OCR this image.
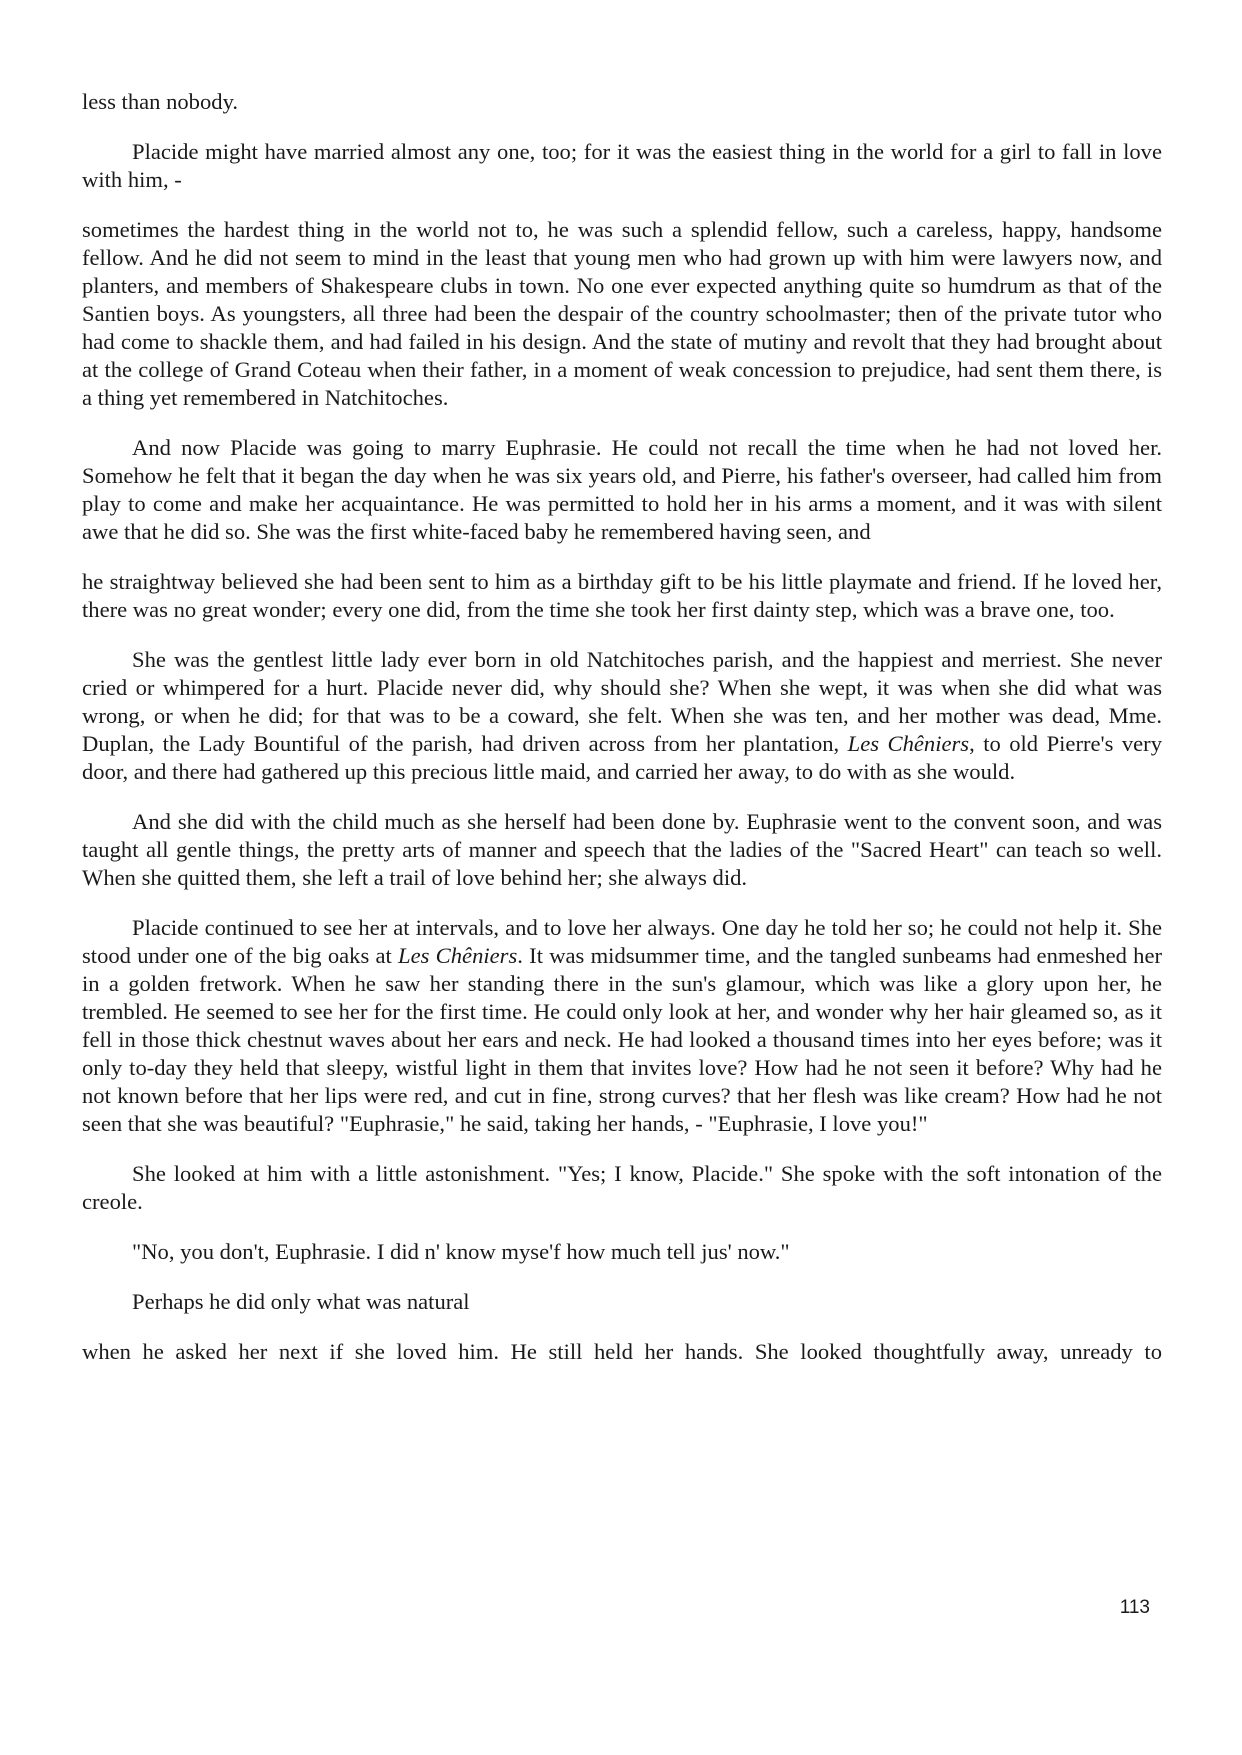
less than nobody.

Placide might have married almost any one, too; for it was the easiest thing in the world for a girl to fall in love with him, -

sometimes the hardest thing in the world not to, he was such a splendid fellow, such a careless, happy, handsome fellow. And he did not seem to mind in the least that young men who had grown up with him were lawyers now, and planters, and members of Shakespeare clubs in town. No one ever expected anything quite so humdrum as that of the Santien boys. As youngsters, all three had been the despair of the country schoolmaster; then of the private tutor who had come to shackle them, and had failed in his design. And the state of mutiny and revolt that they had brought about at the college of Grand Coteau when their father, in a moment of weak concession to prejudice, had sent them there, is a thing yet remembered in Natchitoches.

And now Placide was going to marry Euphrasie. He could not recall the time when he had not loved her. Somehow he felt that it began the day when he was six years old, and Pierre, his father's overseer, had called him from play to come and make her acquaintance. He was permitted to hold her in his arms a moment, and it was with silent awe that he did so. She was the first white-faced baby he remembered having seen, and

he straightway believed she had been sent to him as a birthday gift to be his little playmate and friend. If he loved her, there was no great wonder; every one did, from the time she took her first dainty step, which was a brave one, too.

She was the gentlest little lady ever born in old Natchitoches parish, and the happiest and merriest. She never cried or whimpered for a hurt. Placide never did, why should she? When she wept, it was when she did what was wrong, or when he did; for that was to be a coward, she felt. When she was ten, and her mother was dead, Mme. Duplan, the Lady Bountiful of the parish, had driven across from her plantation, Les Chêniers, to old Pierre's very door, and there had gathered up this precious little maid, and carried her away, to do with as she would.

And she did with the child much as she herself had been done by. Euphrasie went to the convent soon, and was taught all gentle things, the pretty arts of manner and speech that the ladies of the "Sacred Heart" can teach so well. When she quitted them, she left a trail of love behind her; she always did.

Placide continued to see her at intervals, and to love her always. One day he told her so; he could not help it. She stood under one of the big oaks at Les Chêniers. It was midsummer time, and the tangled sunbeams had enmeshed her in a golden fretwork. When he saw her standing there in the sun's glamour, which was like a glory upon her, he trembled. He seemed to see her for the first time. He could only look at her, and wonder why her hair gleamed so, as it fell in those thick chestnut waves about her ears and neck. He had looked a thousand times into her eyes before; was it only to-day they held that sleepy, wistful light in them that invites love? How had he not seen it before? Why had he not known before that her lips were red, and cut in fine, strong curves? that her flesh was like cream? How had he not seen that she was beautiful? "Euphrasie," he said, taking her hands, - "Euphrasie, I love you!"

She looked at him with a little astonishment. "Yes; I know, Placide." She spoke with the soft intonation of the creole.

"No, you don't, Euphrasie. I did n' know myse'f how much tell jus' now."

Perhaps he did only what was natural

when he asked her next if she loved him. He still held her hands. She looked thoughtfully away, unready to

113
